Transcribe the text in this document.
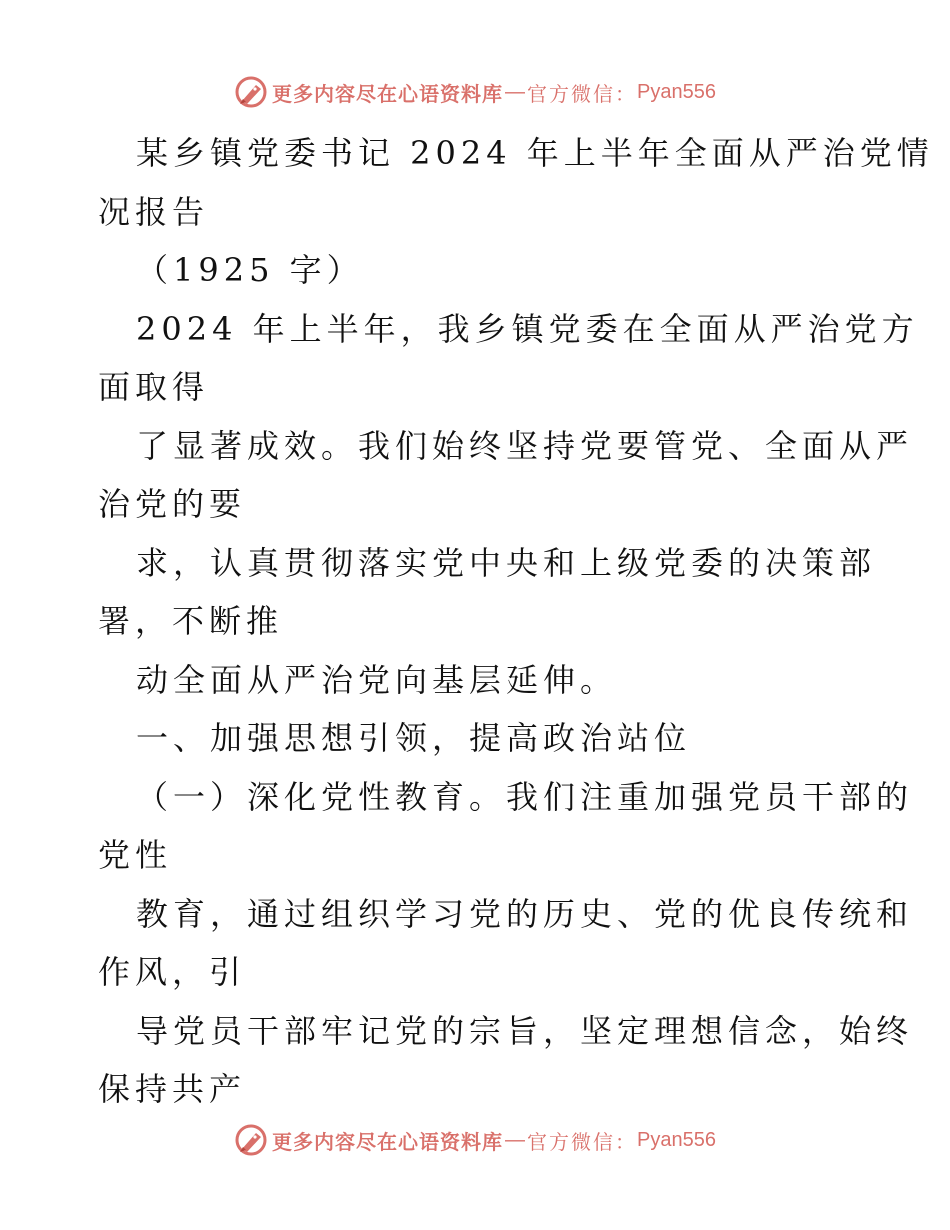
更多内容尽在心语资料库 — 官方微信： Pyan556
某乡镇党委书记 2024 年上半年全面从严治党情
况报告
（1925 字）
2024 年上半年，我乡镇党委在全面从严治党方
面取得
了显著成效。我们始终坚持党要管党、全面从严
治党的要
求，认真贯彻落实党中央和上级党委的决策部
署，不断推
动全面从严治党向基层延伸。
一、加强思想引领，提高政治站位
（一）深化党性教育。我们注重加强党员干部的
党性
教育，通过组织学习党的历史、党的优良传统和
作风，引
导党员干部牢记党的宗旨，坚定理想信念，始终
保持共产
更多内容尽在心语资料库 — 官方微信： Pyan556
